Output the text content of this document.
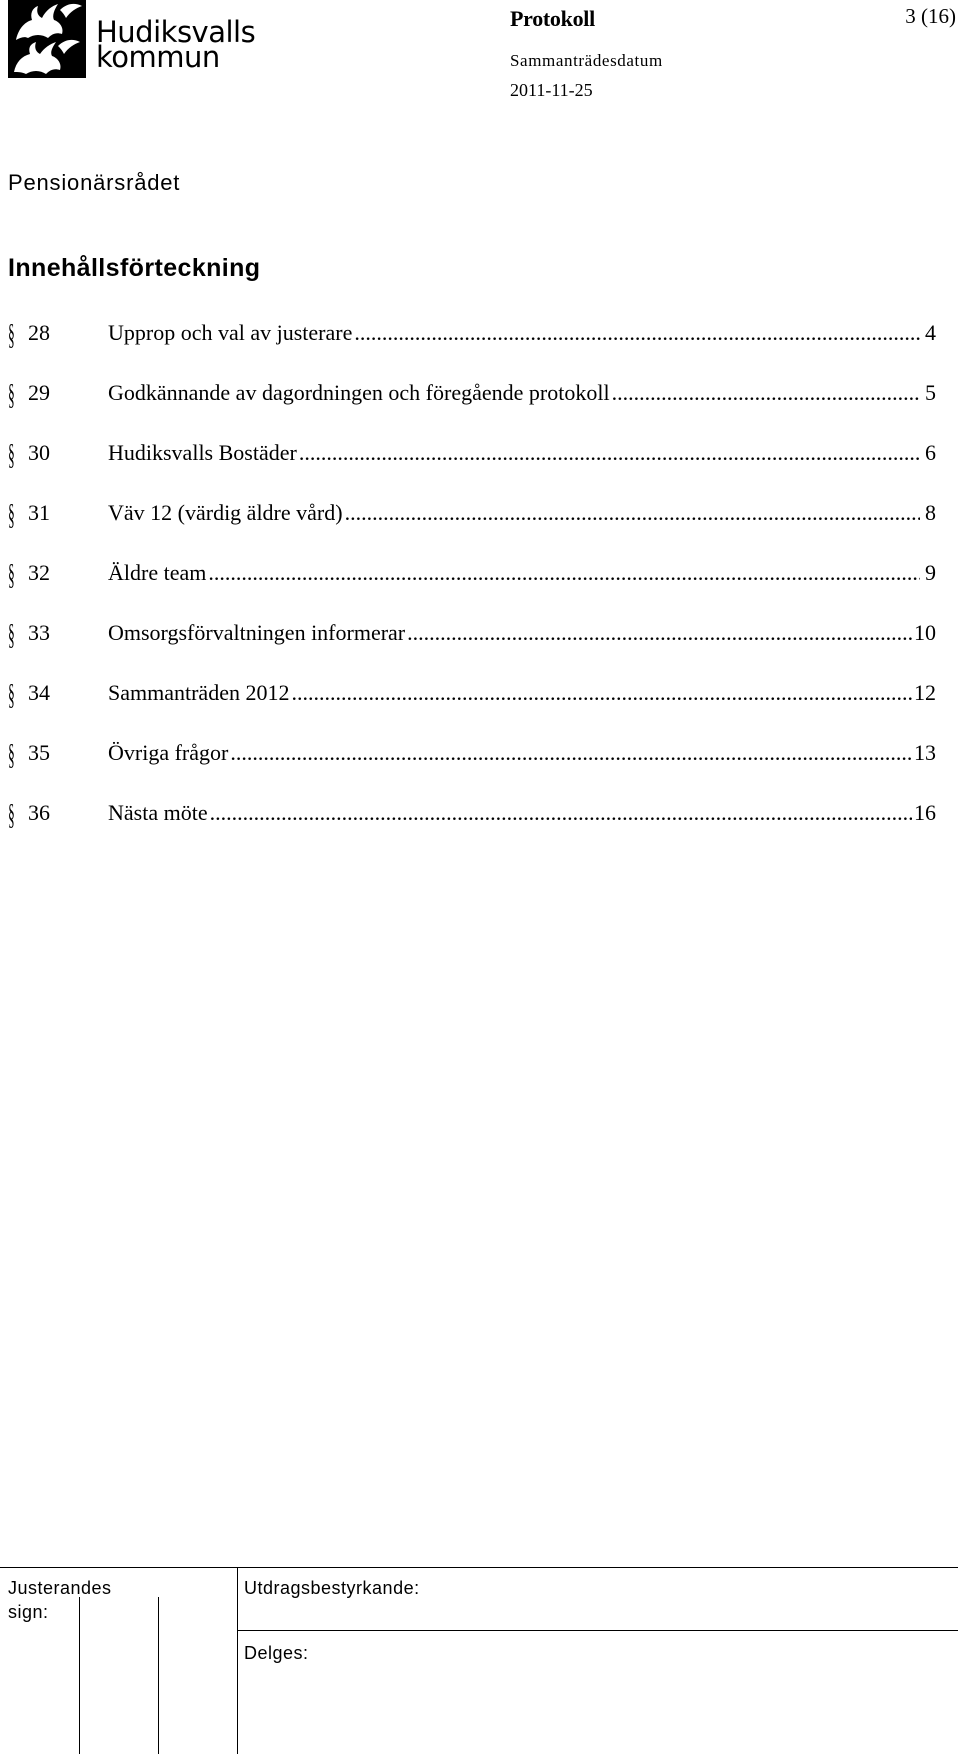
Hudiksvalls
kommun
Protokoll	3 (16)
Sammanträdesdatum
2011-11-25
Pensionärsrådet
Innehållsförteckning
§ 28	Upprop och val av justerare .....	4
§ 29	Godkännande av dagordningen och föregående protokoll .....	5
§ 30	Hudiksvalls Bostäder .....	6
§ 31	Väv 12 (värdig äldre vård) .....	8
§ 32	Äldre team .....	9
§ 33	Omsorgsförvaltningen informerar .....	10
§ 34	Sammanträden 2012 .....	12
§ 35	Övriga frågor .....	13
§ 36	Nästa möte .....	16
Justerandes
sign:
Utdragsbestyrkande:
Delges:
